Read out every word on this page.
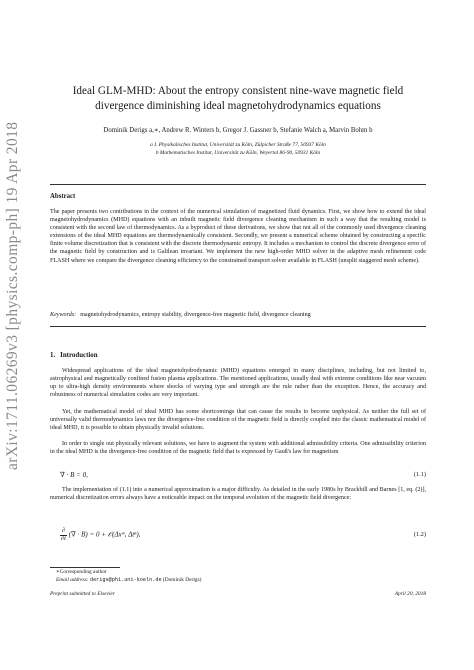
arXiv:1711.06269v3 [physics.comp-ph] 19 Apr 2018
Ideal GLM-MHD: About the entropy consistent nine-wave magnetic field
divergence diminishing ideal magnetohydrodynamics equations
Dominik Derigs a,∗, Andrew R. Winters b, Gregor J. Gassner b, Stefanie Walch a, Marvin Bohm b
a I. Physikalisches Institut, Universität zu Köln, Zülpicher Straße 77, 50937 Köln
b Mathematisches Institut, Universität zu Köln, Weyertal 86-90, 50931 Köln
Abstract
The paper presents two contributions in the context of the numerical simulation of magnetized fluid dynamics. First, we show how to extend the ideal magnetohydrodynamics (MHD) equations with an inbuilt magnetic field divergence cleaning mechanism in such a way that the resulting model is consistent with the second law of thermodynamics. As a byproduct of these derivations, we show that not all of the commonly used divergence cleaning extensions of the ideal MHD equations are thermodynamically consistent. Secondly, we present a numerical scheme obtained by constructing a specific finite volume discretization that is consistent with the discrete thermodynamic entropy. It includes a mechanism to control the discrete divergence error of the magnetic field by construction and is Galilean invariant. We implement the new high-order MHD solver in the adaptive mesh refinement code FLASH where we compare the divergence cleaning efficiency to the constrained transport solver available in FLASH (unsplit staggered mesh scheme).
Keywords: magnetohydrodynamics, entropy stability, divergence-free magnetic field, divergence cleaning
1. Introduction

Widespread applications of the ideal magnetohydrodynamic (MHD) equations emerged in many disciplines, including, but not limited to, astrophysical and magnetically confined fusion plasma applications. The mentioned applications, usually deal with extreme conditions like near vacuum up to ultra-high density environments where shocks of varying type and strength are the rule rather than the exception. Hence, the accuracy and robustness of numerical simulation codes are very important.

Yet, the mathematical model of ideal MHD has some shortcomings that can cause the results to become unphysical. As neither the full set of universally valid thermodynamics laws nor the divergence-free condition of the magnetic field is directly coupled into the classic mathematical model of ideal MHD, it is possible to obtain physically invalid solutions.

In order to single out physically relevant solutions, we have to augment the system with additional admissibility criteria. One admissibility criterion in the ideal MHD is the divergence-free condition of the magnetic field that is expressed by Gauß's law for magnetism

∇ · B = 0,	(1.1)

The implementation of (1.1) into a numerical approximation is a major difficulty. As detailed in the early 1980s by Brackbill and Barnes [1, eq. (2)], numerical discretization errors always have a noticeable impact on the temporal evolution of the magnetic field divergence:

$\frac{\partial}{\partial t}$ (∇ · B) = 0 + 𝒪(Δxᵐ, Δtⁿ),	(1.2)
∗Corresponding author
Email address: derigs@ph1.uni-koeln.de (Dominik Derigs)
Preprint submitted to Elsevier	April 20, 2018
